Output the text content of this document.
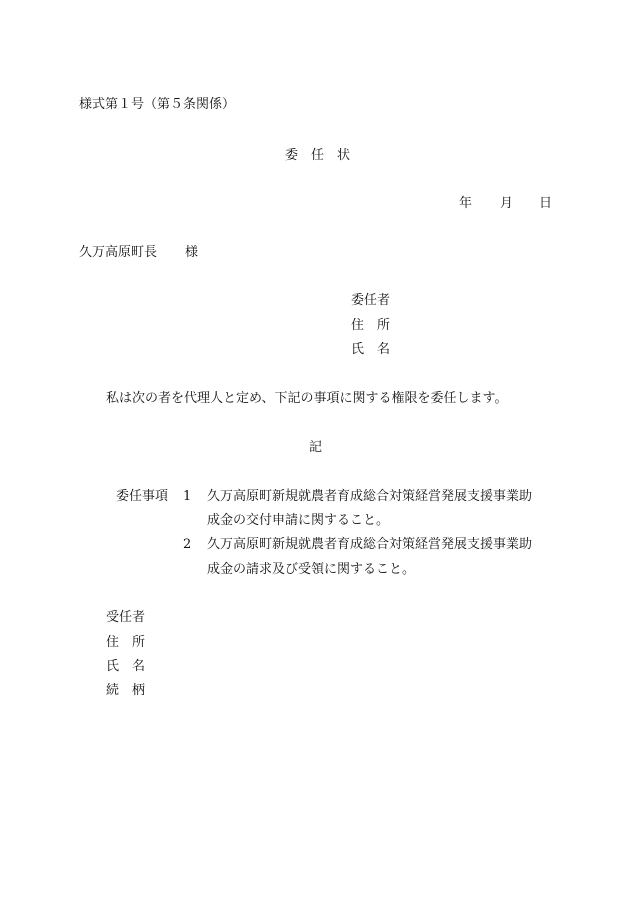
様式第１号（第５条関係）
委　任　状
年 月 日
久万高原町長 様
委任者
住　所
氏　名
私は次の者を代理人と定め、下記の事項に関する権限を委任します。
記
委任事項 1 久万高原町新規就農者育成総合対策経営発展支援事業助
成金の交付申請に関すること。
2 久万高原町新規就農者育成総合対策経営発展支援事業助
成金の請求及び受領に関すること。
受任者
住　所
氏　名
続　柄
